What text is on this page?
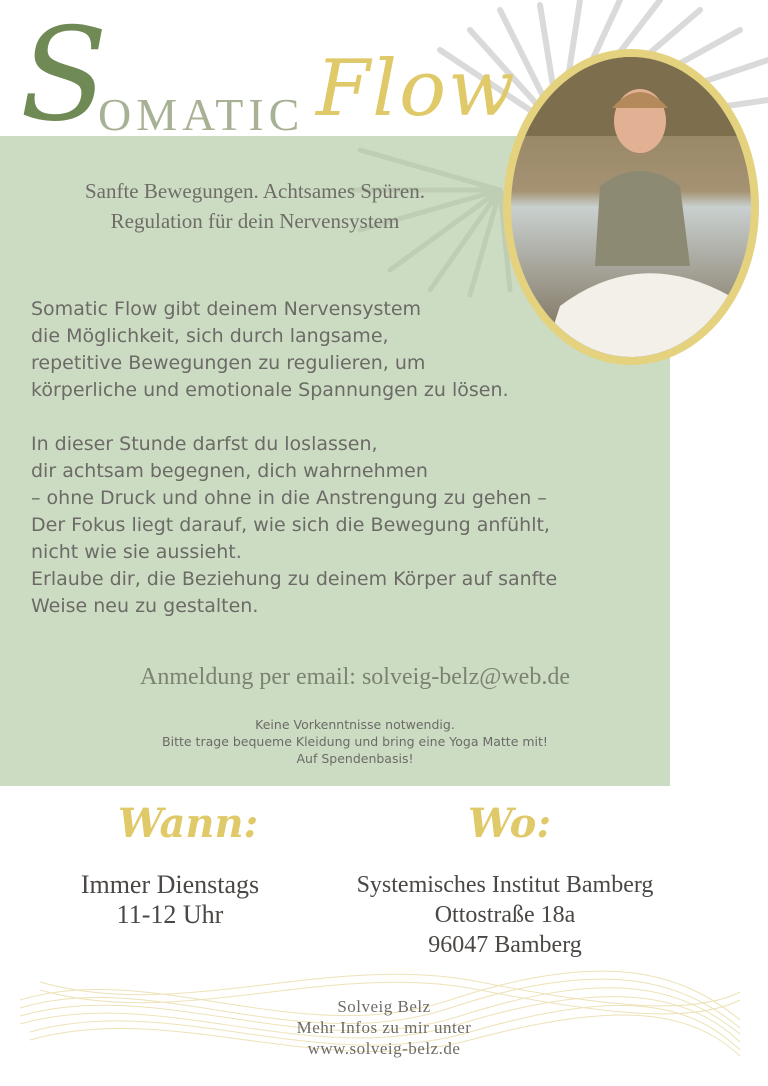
S
OMATIC Flow
Sanfte Bewegungen. Achtsames Spüren.
Regulation für dein Nervensystem

Somatic Flow gibt deinem Nervensystem
die Möglichkeit, sich durch langsame,
repetitive Bewegungen zu regulieren, um
körperliche und emotionale Spannungen zu lösen.

In dieser Stunde darfst du loslassen,
dir achtsam begegnen, dich wahrnehmen
– ohne Druck und ohne in die Anstrengung zu gehen –
Der Fokus liegt darauf, wie sich die Bewegung anfühlt,
nicht wie sie aussieht.
Erlaube dir, die Beziehung zu deinem Körper auf sanfte
Weise neu zu gestalten.

Anmeldung per email: solveig-belz@web.de
Keine Vorkenntnisse notwendig.
Bitte trage bequeme Kleidung und bring eine Yoga Matte mit!
Auf Spendenbasis!
Wann:	Wo:
Immer Dienstags
11-12 Uhr
Systemisches Institut Bamberg
Ottostraße 18a
96047 Bamberg
Solveig Belz
Mehr Infos zu mir unter
www.solveig-belz.de
